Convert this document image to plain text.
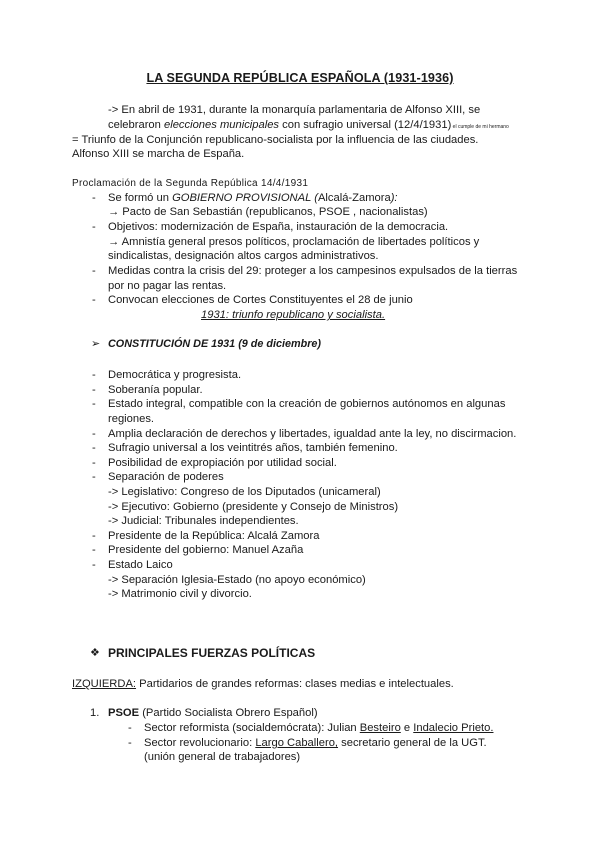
LA SEGUNDA REPÚBLICA ESPAÑOLA (1931-1936)
-> En abril de 1931, durante la monarquía parlamentaria de Alfonso XIII, se
celebraron elecciones municipales con sufragio universal (12/4/1931) el cumple de mi hermano
= Triunfo de la Conjunción republicano-socialista por la influencia de las ciudades.
Alfonso XIII se marcha de España.
Proclamación de la Segunda República 14/4/1931
- Se formó un GOBIERNO PROVISIONAL (Alcalá-Zamora):
→ Pacto de San Sebastián (republicanos, PSOE , nacionalistas)
- Objetivos: modernización de España, instauración de la democracia.
→ Amnistía general presos políticos, proclamación de libertades políticos y
sindicalistas, designación altos cargos administrativos.
- Medidas contra la crisis del 29: proteger a los campesinos expulsados de la tierras
por no pagar las rentas.
- Convocan elecciones de Cortes Constituyentes el 28 de junio
1931: triunfo republicano y socialista.
➢ CONSTITUCIÓN DE 1931 (9 de diciembre)
- Democrática y progresista.
- Soberanía popular.
- Estado integral, compatible con la creación de gobiernos autónomos en algunas
regiones.
- Amplia declaración de derechos y libertades, igualdad ante la ley, no discirmacion.
- Sufragio universal a los veintitrés años, también femenino.
- Posibilidad de expropiación por utilidad social.
- Separación de poderes
-> Legislativo: Congreso de los Diputados (unicameral)
-> Ejecutivo: Gobierno (presidente y Consejo de Ministros)
-> Judicial: Tribunales independientes.
- Presidente de la República: Alcalá Zamora
- Presidente del gobierno: Manuel Azaña
- Estado Laico
-> Separación Iglesia-Estado (no apoyo económico)
-> Matrimonio civil y divorcio.
❖ PRINCIPALES FUERZAS POLÍTICAS
IZQUIERDA: Partidarios de grandes reformas: clases medias e intelectuales.
1. PSOE (Partido Socialista Obrero Español)
- Sector reformista (socialdemócrata): Julian Besteiro e Indalecio Prieto.
- Sector revolucionario: Largo Caballero, secretario general de la UGT.
(unión general de trabajadores)
